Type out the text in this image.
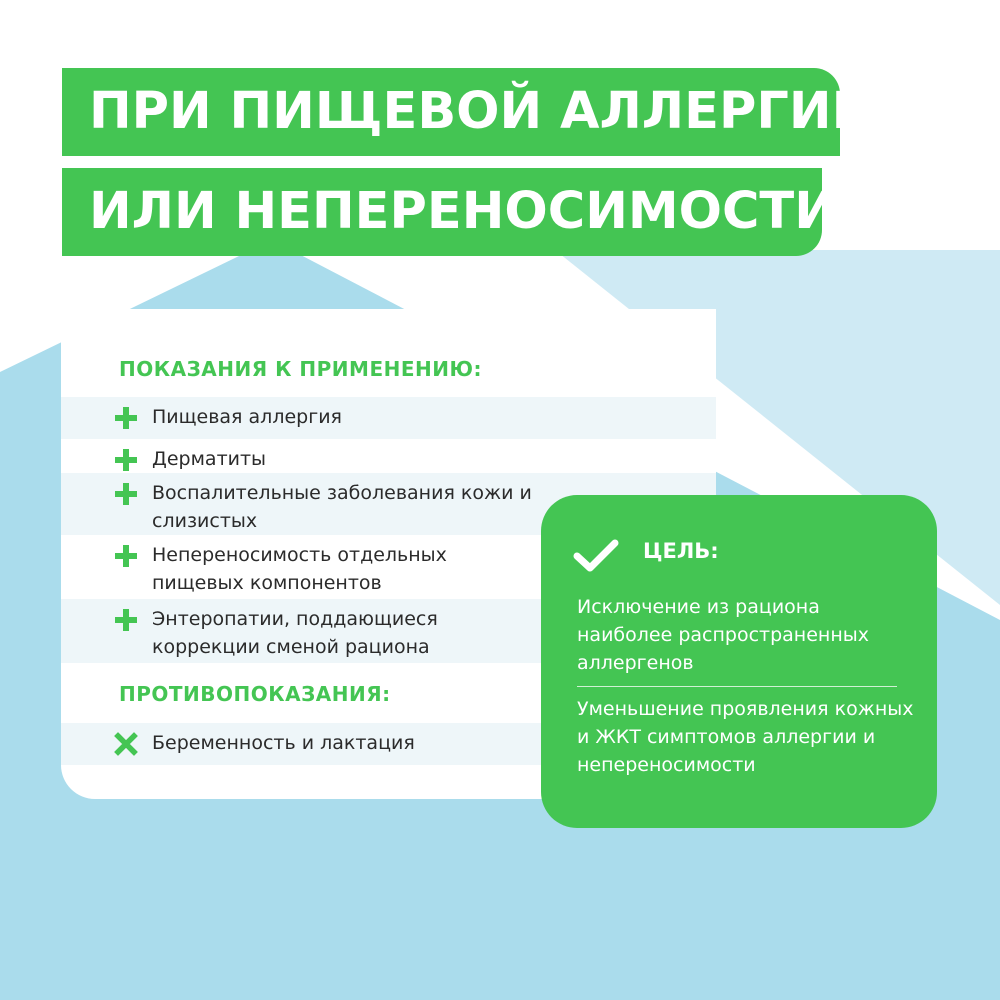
ПРИ ПИЩЕВОЙ АЛЛЕРГИИ
ИЛИ НЕПЕРЕНОСИМОСТИ
ПОКАЗАНИЯ К ПРИМЕНЕНИЮ:
Пищевая аллергия
Дерматиты
Воспалительные заболевания кожи и слизистых
Непереносимость отдельных пищевых компонентов
Энтеропатии, поддающиеся коррекции сменой рациона
ПРОТИВОПОКАЗАНИЯ:
Беременность и лактация
ЦЕЛЬ:
Исключение из рациона наиболее распространенных аллергенов
Уменьшение проявления кожных и ЖКТ симптомов аллергии и непереносимости
